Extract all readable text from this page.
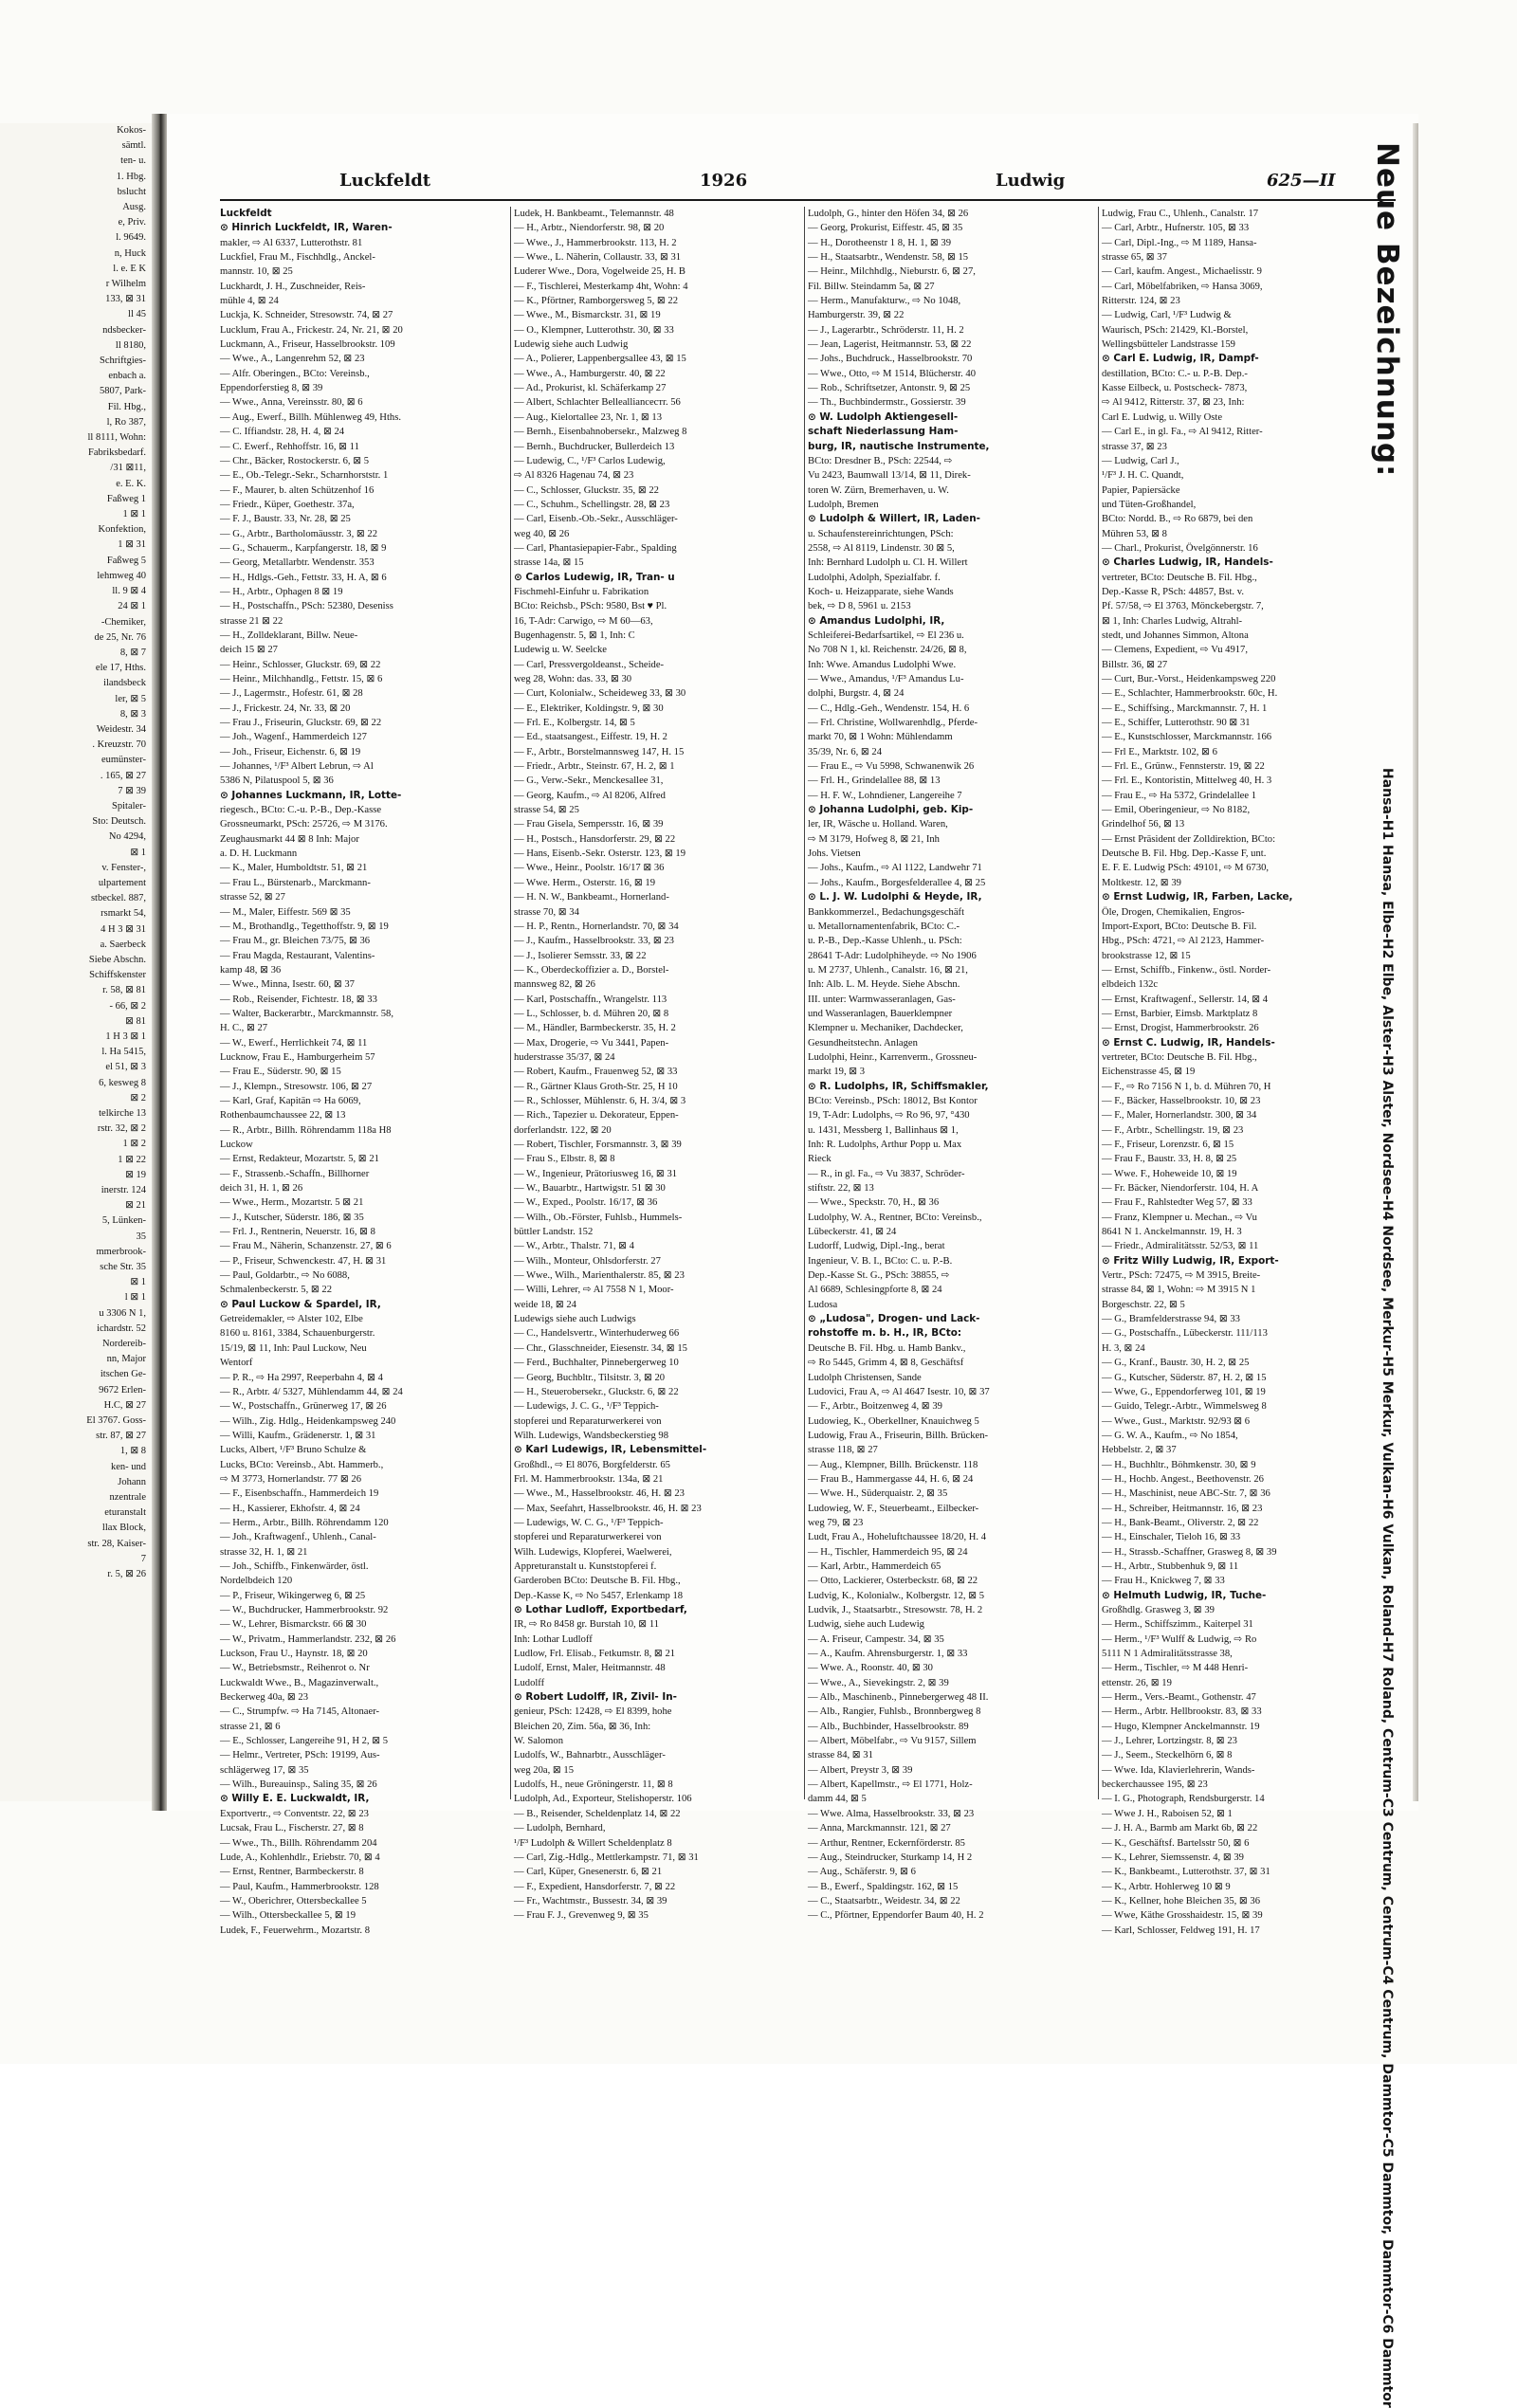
Kokos-
sämtl.
ten- u.
1. Hbg.
bslucht
Ausg.
e, Priv.
l. 9649.
n, Huck
l. e. E K
r Wilhelm
133, ⊠ 31
ll 45
ndsbecker-
ll 8180,
Schriftgies-
enbach a.
5807, Park-
Fil. Hbg.,
l, Ro 387,
ll 8111, Wohn:
Fabriksbedarf.
/31 ⊠11,
e. E. K.
Faßweg 1
1 ⊠ 1
Konfektion,
1 ⊠ 31
Faßweg 5
lehmweg 40
ll. 9 ⊠ 4
24 ⊠ 1
-Chemiker,
de 25, Nr. 76
8, ⊠ 7
ele 17, Hths.
ilandsbeck
ler, ⊠ 5
8, ⊠ 3
Weidestr. 34
. Kreuzstr. 70
eumünster-
. 165, ⊠ 27
7 ⊠ 39
Spitaler-
Sto: Deutsch.
No 4294,
⊠ 1
v. Fenster-,
ulpartement
stbeckel. 887,
rsmarkt 54,
4 H 3 ⊠ 31
a. Saerbeck
Siebe Abschn.
Schiffskenster
r. 58, ⊠ 81
- 66, ⊠ 2
⊠ 81
1 H 3 ⊠ 1
l. Ha 5415,
el 51, ⊠ 3
6, kesweg 8
⊠ 2
telkirche 13
rstr. 32, ⊠ 2
1 ⊠ 2
1 ⊠ 22
⊠ 19
inerstr. 124
⊠ 21
5, Lünken-
35
mmerbrook-
sche Str. 35
⊠ 1
l ⊠ 1
u 3306 N 1,
ichardstr. 52
Nordereib-
nn, Major
itschen Ge-
9672 Erlen-
H.C, ⊠ 27
El 3767. Goss-
str. 87, ⊠ 27
1, ⊠ 8
ken- und
Johann
nzentrale
eturanstalt
llax Block,
str. 28, Kaiser-
7
r. 5, ⊠ 26
Luckfeldt	1926	Ludwig	625—II
Luckfeldt
⊙ Hinrich Luckfeldt, IR, Waren-
makler, ⇨ Al 6337, Lutterothstr. 81
Luckfiel, Frau M., Fischhdlg., Anckel-
mannstr. 10, ⊠ 25
Luckhardt, J. H., Zuschneider, Reis-
mühle 4, ⊠ 24
Luckja, K. Schneider, Stresowstr. 74, ⊠ 27
Lucklum, Frau A., Frickestr. 24, Nr. 21, ⊠ 20
Luckmann, A., Friseur, Hasselbrookstr. 109
— Wwe., A., Langenrehm 52, ⊠ 23
— Alfr. Oberingen., BCto: Vereinsb.,
Eppendorferstieg 8, ⊠ 39
— Wwe., Anna, Vereinsstr. 80, ⊠ 6
— Aug., Ewerf., Billh. Mühlenweg 49, Hths.
— C. Iffiandstr. 28, H. 4, ⊠ 24
— C. Ewerf., Rehhoffstr. 16, ⊠ 11
— Chr., Bäcker, Rostockerstr. 6, ⊠ 5
— E., Ob.-Telegr.-Sekr., Scharnhorststr. 1
— F., Maurer, b. alten Schützenhof 16
— Friedr., Küper, Goethestr. 37a,
— F. J., Baustr. 33, Nr. 28, ⊠ 25
— G., Arbtr., Bartholomäusstr. 3, ⊠ 22
— G., Schauerm., Karpfangerstr. 18, ⊠ 9
— Georg, Metallarbtr. Wendenstr. 353
— H., Hdlgs.-Geh., Fettstr. 33, H. A, ⊠ 6
— H., Arbtr., Ophagen 8 ⊠ 19
— H., Postschaffn., PSch: 52380, Deseniss
strasse 21 ⊠ 22
— H., Zolldeklarant, Billw. Neue-
deich 15 ⊠ 27
— Heinr., Schlosser, Gluckstr. 69, ⊠ 22
— Heinr., Milchhandlg., Fettstr. 15, ⊠ 6
— J., Lagermstr., Hofestr. 61, ⊠ 28
— J., Frickestr. 24, Nr. 33, ⊠ 20
— Frau J., Friseurin, Gluckstr. 69, ⊠ 22
— Joh., Wagenf., Hammerdeich 127
— Joh., Friseur, Eichenstr. 6, ⊠ 19
— Johannes, ¹/F³ Albert Lebrun, ⇨ Al
5386 N, Pilatuspool 5, ⊠ 36
⊙ Johannes Luckmann, IR, Lotte-
riegesch., BCto: C.-u. P.-B., Dep.-Kasse
Grossneumarkt, PSch: 25726, ⇨ M 3176.
Zeughausmarkt 44 ⊠ 8 Inh: Major
a. D. H. Luckmann
— K., Maler, Humboldtstr. 51, ⊠ 21
— Frau L., Bürstenarb., Marckmann-
strasse 52, ⊠ 27
— M., Maler, Eiffestr. 569 ⊠ 35
— M., Brothandlg., Tegetthoffstr. 9, ⊠ 19
— Frau M., gr. Bleichen 73/75, ⊠ 36
— Frau Magda, Restaurant, Valentins-
kamp 48, ⊠ 36
— Wwe., Minna, Isestr. 60, ⊠ 37
— Rob., Reisender, Fichtestr. 18, ⊠ 33
— Walter, Backerarbtr., Marckmannstr. 58,
H. C., ⊠ 27
— W., Ewerf., Herrlichkeit 74, ⊠ 11
Lucknow, Frau E., Hamburgerheim 57
— Frau E., Süderstr. 90, ⊠ 15
— J., Klempn., Stresowstr. 106, ⊠ 27
— Karl, Graf, Kapitän ⇨ Ha 6069,
Rothenbaumchaussee 22, ⊠ 13
— R., Arbtr., Billh. Röhrendamm 118a H8
Luckow
— Ernst, Redakteur, Mozartstr. 5, ⊠ 21
— F., Strassenb.-Schaffn., Billhorner
deich 31, H. 1, ⊠ 26
— Wwe., Herm., Mozartstr. 5 ⊠ 21
— J., Kutscher, Süderstr. 186, ⊠ 35
— Frl. J., Rentnerin, Neuerstr. 16, ⊠ 8
— Frau M., Näherin, Schanzenstr. 27, ⊠ 6
— P., Friseur, Schwenckestr. 47, H. ⊠ 31
— Paul, Goldarbtr., ⇨ No 6088,
Schmalenbeckerstr. 5, ⊠ 22
⊙ Paul Luckow & Spardel, IR,
Getreidemakler, ⇨ Alster 102, Elbe
8160 u. 8161, 3384, Schauenburgerstr.
15/19, ⊠ 11, Inh: Paul Luckow, Neu
Wentorf
— P. R., ⇨ Ha 2997, Reeperbahn 4, ⊠ 4
— R., Arbtr. 4/ 5327, Mühlendamm 44, ⊠ 24
— W., Postschaffn., Grünerweg 17, ⊠ 26
— Wilh., Zig. Hdlg., Heidenkampsweg 240
— Willi, Kaufm., Grädenerstr. 1, ⊠ 31
Lucks, Albert, ¹/F³ Bruno Schulze &
Lucks, BCto: Vereinsb., Abt. Hammerb.,
⇨ M 3773, Hornerlandstr. 77 ⊠ 26
— F., Eisenbschaffn., Hammerdeich 19
— H., Kassierer, Ekhofstr. 4, ⊠ 24
— Herm., Arbtr., Billh. Röhrendamm 120
— Joh., Kraftwagenf., Uhlenh., Canal-
strasse 32, H. 1, ⊠ 21
— Joh., Schiffb., Finkenwärder, östl.
Nordelbdeich 120
— P., Friseur, Wikingerweg 6, ⊠ 25
— W., Buchdrucker, Hammerbrookstr. 92
— W., Lehrer, Bismarckstr. 66 ⊠ 30
— W., Privatm., Hammerlandstr. 232, ⊠ 26
Luckson, Frau U., Haynstr. 18, ⊠ 20
— W., Betriebsmstr., Reihenrot o. Nr
Luckwaldt Wwe., B., Magazinverwalt.,
Beckerweg 40a, ⊠ 23
— C., Strumpfw. ⇨ Ha 7145, Altonaer-
strasse 21, ⊠ 6
— E., Schlosser, Langereihe 91, H 2, ⊠ 5
— Helmr., Vertreter, PSch: 19199, Aus-
schlägerweg 17, ⊠ 35
— Wilh., Bureauinsp., Saling 35, ⊠ 26
⊙ Willy E. E. Luckwaldt, IR,
Exportvertr., ⇨ Conventstr. 22, ⊠ 23
Lucsak, Frau L., Fischerstr. 27, ⊠ 8
— Wwe., Th., Billh. Röhrendamm 204
Lude, A., Kohlenhdlr., Eriebstr. 70, ⊠ 4
— Ernst, Rentner, Barmbeckerstr. 8
— Paul, Kaufm., Hammerbrookstr. 128
— W., Oberichrer, Ottersbeckallee 5
— Wilh., Ottersbeckallee 5, ⊠ 19
Ludek, F., Feuerwehrm., Mozartstr. 8
Ludek, H. Bankbeamt., Telemannstr. 48
— H., Arbtr., Niendorferstr. 98, ⊠ 20
— Wwe., J., Hammerbrookstr. 113, H. 2
— Wwe., L. Näherin, Collaustr. 33, ⊠ 31
Luderer Wwe., Dora, Vogelweide 25, H. B
— F., Tischlerei, Mesterkamp 4ht, Wohn: 4
— K., Pförtner, Ramborgersweg 5, ⊠ 22
— Wwe., M., Bismarckstr. 31, ⊠ 19
— O., Klempner, Lutterothstr. 30, ⊠ 33
Ludewig siehe auch Ludwig
— A., Polierer, Lappenbergsallee 43, ⊠ 15
— Wwe., A., Hamburgerstr. 40, ⊠ 22
— Ad., Prokurist, kl. Schäferkamp 27
— Albert, Schlachter Belleallianceстr. 56
— Aug., Kielortallee 23, Nr. 1, ⊠ 13
— Bernh., Eisenbahnobersekr., Malzweg 8
— Bernh., Buchdrucker, Bullerdeich 13
— Ludewig, C., ¹/F³ Carlos Ludewig,
⇨ Al 8326 Hagenau 74, ⊠ 23
— C., Schlosser, Gluckstr. 35, ⊠ 22
— C., Schuhm., Schellingstr. 28, ⊠ 23
— Carl, Eisenb.-Ob.-Sekr., Ausschläger-
weg 40, ⊠ 26
— Carl, Phantasiepapier-Fabr., Spalding
strasse 14a, ⊠ 15
⊙ Carlos Ludewig, IR, Tran- u
Fischmehl-Einfuhr u. Fabrikation
BCto: Reichsb., PSch: 9580, Bst ♥ Pl.
16, T-Adr: Carwigo, ⇨ M 60—63,
Bugenhagenstr. 5, ⊠ 1, Inh: C
Ludewig u. W. Seelcke
— Carl, Pressvergoldeanst., Scheide-
weg 28, Wohn: das. 33, ⊠ 30
— Curt, Kolonialw., Scheideweg 33, ⊠ 30
— E., Elektriker, Koldingstr. 9, ⊠ 30
— Frl. E., Kolbergstr. 14, ⊠ 5
— Ed., staatsangest., Eiffestr. 19, H. 2
— F., Arbtr., Borstelmannsweg 147, H. 15
— Friedr., Arbtr., Steinstr. 67, H. 2, ⊠ 1
— G., Verw.-Sekr., Menckesallee 31,
— Georg, Kaufm., ⇨ Al 8206, Alfred
strasse 54, ⊠ 25
— Frau Gisela, Sempersstr. 16, ⊠ 39
— H., Postsch., Hansdorferstr. 29, ⊠ 22
— Hans, Eisenb.-Sekr. Osterstr. 123, ⊠ 19
— Wwe., Heinr., Poolstr. 16/17 ⊠ 36
— Wwe. Herm., Osterstr. 16, ⊠ 19
— H. N. W., Bankbeamt., Hornerland-
strasse 70, ⊠ 34
— H. P., Rentn., Hornerlandstr. 70, ⊠ 34
— J., Kaufm., Hasselbrookstr. 33, ⊠ 23
— J., Isolierer Semsstr. 33, ⊠ 22
— K., Oberdeckoffizier a. D., Borstel-
mannsweg 82, ⊠ 26
— Karl, Postschaffn., Wrangelstr. 113
— L., Schlosser, b. d. Mühren 20, ⊠ 8
— M., Händler, Barmbeckerstr. 35, H. 2
— Max, Drogerie, ⇨ Vu 3441, Papen-
huderstrasse 35/37, ⊠ 24
— Robert, Kaufm., Frauenweg 52, ⊠ 33
— R., Gärtner Klaus Groth-Str. 25, H 10
— R., Schlosser, Mühlenstr. 6, H. 3/4, ⊠ 3
— Rich., Tapezier u. Dekorateur, Eppen-
dorferlandstr. 122, ⊠ 20
— Robert, Tischler, Forsmannstr. 3, ⊠ 39
— Frau S., Elbstr. 8, ⊠ 8
— W., Ingenieur, Prätoriusweg 16, ⊠ 31
— W., Bauarbtr., Hartwigstr. 51 ⊠ 30
— W., Exped., Poolstr. 16/17, ⊠ 36
— Wilh., Ob.-Förster, Fuhlsb., Hummels-
büttler Landstr. 152
— W., Arbtr., Thalstr. 71, ⊠ 4
— Wilh., Monteur, Ohlsdorferstr. 27
— Wwe., Wilh., Marienthalerstr. 85, ⊠ 23
— Willi, Lehrer, ⇨ Al 7558 N 1, Moor-
weide 18, ⊠ 24
Ludewigs siehe auch Ludwigs
— C., Handelsvertr., Winterhuderweg 66
— Chr., Glasschneider, Eiesenstr. 34, ⊠ 15
— Ferd., Buchhalter, Pinnebergerweg 10
— Georg, Buchbltr., Tilsitstr. 3, ⊠ 20
— H., Steuerobersekr., Gluckstr. 6, ⊠ 22
— Ludewigs, J. C. G., ¹/F³ Teppich-
stopferei und Reparaturwerkerei von
Wilh. Ludewigs, Wandsbeckerstieg 98
⊙ Karl Ludewigs, IR, Lebensmittel-
Großhdl., ⇨ El 8076, Borgfelderstr. 65
Frl. M. Hammerbrookstr. 134a, ⊠ 21
— Wwe., M., Hasselbrookstr. 46, H. ⊠ 23
— Max, Seefahrt, Hasselbrookstr. 46, H. ⊠ 23
— Ludewigs, W. C. G., ¹/F³ Teppich-
stopferei und Reparaturwerkerei von
Wilh. Ludewigs, Klopferei, Waelwerei,
Appreturanstalt u. Kunststopferei f.
Garderoben BCto: Deutsche B. Fil. Hbg.,
Dep.-Kasse K, ⇨ No 5457, Erlenkamp 18
⊙ Lothar Ludloff, Exportbedarf,
IR, ⇨ Ro 8458 gr. Burstah 10, ⊠ 11
Inh: Lothar Ludloff
Ludlow, Frl. Elisab., Fetkumstr. 8, ⊠ 21
Ludolf, Ernst, Maler, Heitmannstr. 48
Ludolff
⊙ Robert Ludolff, IR, Zivil- In-
genieur, PSch: 12428, ⇨ El 8399, hohe
Bleichen 20, Zim. 56a, ⊠ 36, Inh:
W. Salomon
Ludolfs, W., Bahnarbtr., Ausschläger-
weg 20a, ⊠ 15
Ludolfs, H., neue Gröningerstr. 11, ⊠ 8
Ludolph, Ad., Exporteur, Stelishoperstr. 106
— B., Reisender, Scheldenplatz 14, ⊠ 22
— Ludolph, Bernhard,
¹/F³ Ludolph & Willert Scheldenplatz 8
— Carl, Zig.-Hdlg., Mettlerkampstr. 71, ⊠ 31
— Carl, Küper, Gnesenerstr. 6, ⊠ 21
— F., Expedient, Hansdorferstr. 7, ⊠ 22
— Fr., Wachtmstr., Bussestr. 34, ⊠ 39
— Frau F. J., Grevenweg 9, ⊠ 35
Ludolph, G., hinter den Höfen 34, ⊠ 26
— Georg, Prokurist, Eiffestr. 45, ⊠ 35
— H., Dorotheenstr 1 8, H. 1, ⊠ 39
— H., Staatsarbtr., Wendenstr. 58, ⊠ 15
— Heinr., Milchhdlg., Nieburstr. 6, ⊠ 27,
Fil. Billw. Steindamm 5a, ⊠ 27
— Herm., Manufakturw., ⇨ No 1048,
Hamburgerstr. 39, ⊠ 22
— J., Lagerarbtr., Schröderstr. 11, H. 2
— Jean, Lagerist, Heitmannstr. 53, ⊠ 22
— Johs., Buchdruck., Hasselbrookstr. 70
— Wwe., Otto, ⇨ M 1514, Blücherstr. 40
— Rob., Schriftsetzer, Antonstr. 9, ⊠ 25
— Th., Buchbindermstr., Gossierstr. 39
⊙ W. Ludolph Aktiengesell-
schaft Niederlassung Ham-
burg, IR, nautische Instrumente,
BCto: Dresdner B., PSch: 22544, ⇨
Vu 2423, Baumwall 13/14, ⊠ 11, Direk-
toren W. Zürn, Bremerhaven, u. W.
Ludolph, Bremen
⊙ Ludolph & Willert, IR, Laden-
u. Schaufenstereinrichtungen, PSch:
2558, ⇨ Al 8119, Lindenstr. 30 ⊠ 5,
Inh: Bernhard Ludolph u. Cl. H. Willert
Ludolphi, Adolph, Spezialfabr. f.
Koch- u. Heizapparate, siehe Wands
bek, ⇨ D 8, 5961 u. 2153
⊙ Amandus Ludolphi, IR,
Schleiferei-Bedarfsartikel, ⇨ El 236 u.
No 708 N 1, kl. Reichenstr. 24/26, ⊠ 8,
Inh: Wwe. Amandus Ludolphi Wwe.
— Wwe., Amandus, ¹/F³ Amandus Lu-
dolphi, Burgstr. 4, ⊠ 24
— C., Hdlg.-Geh., Wendenstr. 154, H. 6
— Frl. Christine, Wollwarenhdlg., Pferde-
markt 70, ⊠ 1 Wohn: Mühlendamm
35/39, Nr. 6, ⊠ 24
— Frau E., ⇨ Vu 5998, Schwanenwik 26
— Frl. H., Grindelallee 88, ⊠ 13
— H. F. W., Lohndiener, Langereihe 7
⊙ Johanna Ludolphi, geb. Kip-
ler, IR, Wäsche u. Holland. Waren,
⇨ M 3179, Hofweg 8, ⊠ 21, Inh
Johs. Vietsen
— Johs., Kaufm., ⇨ Al 1122, Landwehr 71
— Johs., Kaufm., Borgesfelderallee 4, ⊠ 25
⊙ L. J. W. Ludolphi & Heyde, IR,
Bankkommerzel., Bedachungsgeschäft
u. Metallornamentenfabrik, BCto: C.-
u. P.-B., Dep.-Kasse Uhlenh., u. PSch:
28641 T-Adr: Ludolphiheyde. ⇨ No 1906
u. M 2737, Uhlenh., Canalstr. 16, ⊠ 21,
Inh: Alb. L. M. Heyde. Siehe Abschn.
III. unter: Warmwasseranlagen, Gas-
und Wasseranlagen, Bauerklempner
Klempner u. Mechaniker, Dachdecker,
Gesundheitstechn. Anlagen
Ludolphi, Heinr., Karrenverm., Grossneu-
markt 19, ⊠ 3
⊙ R. Ludolphs, IR, Schiffsmakler,
BCto: Vereinsb., PSch: 18012, Bst Kontor
19, T-Adr: Ludolphs, ⇨ Ro 96, 97, °430
u. 1431, Messberg 1, Ballinhaus ⊠ 1,
Inh: R. Ludolphs, Arthur Popp u. Max
Rieck
— R., in gl. Fa., ⇨ Vu 3837, Schröder-
stiftstr. 22, ⊠ 13
— Wwe., Speckstr. 70, H., ⊠ 36
Ludolphy, W. A., Rentner, BCto: Vereinsb.,
Lübeckerstr. 41, ⊠ 24
Ludorff, Ludwig, Dipl.-Ing., berat
Ingenieur, V. B. I., BCto: C. u. P.-B.
Dep.-Kasse St. G., PSch: 38855, ⇨
Al 6689, Schlesingpforte 8, ⊠ 24
Ludosa
⊙ „Ludosa", Drogen- und Lack-
rohstoffe m. b. H., IR, BCto:
Deutsche B. Fil. Hbg. u. Hamb Bankv.,
⇨ Ro 5445, Grimm 4, ⊠ 8, Geschäftsf
Ludolph Christensen, Sande
Ludovici, Frau A, ⇨ Al 4647 Isestr. 10, ⊠ 37
— F., Arbtr., Boitzenweg 4, ⊠ 39
Ludowieg, K., Oberkellner, Knauichweg 5
Ludowig, Frau A., Friseurin, Billh. Brücken-
strasse 118, ⊠ 27
— Aug., Klempner, Billh. Brückenstr. 118
— Frau B., Hammergasse 44, H. 6, ⊠ 24
— Wwe. H., Süderquaistr. 2, ⊠ 35
Ludowieg, W. F., Steuerbeamt., Eilbecker-
weg 79, ⊠ 23
Ludt, Frau A., Hoheluftchaussee 18/20, H. 4
— H., Tischler, Hammerdeich 95, ⊠ 24
— Karl, Arbtr., Hammerdeich 65
— Otto, Lackierer, Osterbeckstr. 68, ⊠ 22
Ludvig, K., Kolonialw., Kolbergstr. 12, ⊠ 5
Ludvik, J., Staatsarbtr., Stresowstr. 78, H. 2
Ludwig, siehe auch Ludewig
— A. Friseur, Campestr. 34, ⊠ 35
— A., Kaufm. Ahrensburgerstr. 1, ⊠ 33
— Wwe. A., Roonstr. 40, ⊠ 30
— Wwe., A., Sievekingstr. 2, ⊠ 39
— Alb., Maschinenb., Pinnebergerweg 48 II.
— Alb., Rangier, Fuhlsb., Bronnbergweg 8
— Alb., Buchbinder, Hasselbrookstr. 89
— Albert, Möbelfabr., ⇨ Vu 9157, Sillem
strasse 84, ⊠ 31
— Albert, Preystr 3, ⊠ 39
— Albert, Kapellmstr., ⇨ El 1771, Holz-
damm 44, ⊠ 5
— Wwe. Alma, Hasselbrookstr. 33, ⊠ 23
— Anna, Marckmannstr. 121, ⊠ 27
— Arthur, Rentner, Eckernförderstr. 85
— Aug., Steindrucker, Sturkamp 14, H 2
— Aug., Schäferstr. 9, ⊠ 6
— B., Ewerf., Spaldingstr. 162, ⊠ 15
— C., Staatsarbtr., Weidestr. 34, ⊠ 22
— C., Pförtner, Eppendorfer Baum 40, H. 2
Ludwig, Frau C., Uhlenh., Canalstr. 17
— Carl, Arbtr., Hufnerstr. 105, ⊠ 33
— Carl, Dipl.-Ing., ⇨ M 1189, Hansa-
strasse 65, ⊠ 37
— Carl, kaufm. Angest., Michaelisstr. 9
— Carl, Möbelfabriken, ⇨ Hansa 3069,
Ritterstr. 124, ⊠ 23
— Ludwig, Carl, ¹/F³ Ludwig &
Waurisch, PSch: 21429, Kl.-Borstel,
Wellingsbütteler Landstrasse 159
⊙ Carl E. Ludwig, IR, Dampf-
destillation, BCto: C.- u. P.-B. Dep.-
Kasse Eilbeck, u. Postscheck- 7873,
⇨ Al 9412, Ritterstr. 37, ⊠ 23, Inh:
Carl E. Ludwig, u. Willy Oste
— Carl E., in gl. Fa., ⇨ Al 9412, Ritter-
strasse 37, ⊠ 23
— Ludwig, Carl J.,
¹/F³ J. H. C. Quandt,
Papier, Papiersäcke
und Tüten-Großhandel,
BCto: Nordd. B., ⇨ Ro 6879, bei den
Mühren 53, ⊠ 8
— Charl., Prokurist, Övelgönnerstr. 16
⊙ Charles Ludwig, IR, Handels-
vertreter, BCto: Deutsche B. Fil. Hbg.,
Dep.-Kasse R, PSch: 44857, Bst. v.
Pf. 57/58, ⇨ El 3763, Mönckebergstr. 7,
⊠ 1, Inh: Charles Ludwig, Altrahl-
stedt, und Johannes Simmon, Altona
— Clemens, Expedient, ⇨ Vu 4917,
Billstr. 36, ⊠ 27
— Curt, Bur.-Vorst., Heidenkampsweg 220
— E., Schlachter, Hammerbrookstr. 60c, H.
— E., Schiffsing., Marckmannstr. 7, H. 1
— E., Schiffer, Lutterothstr. 90 ⊠ 31
— E., Kunstschlosser, Marckmannstr. 166
— Frl E., Marktstr. 102, ⊠ 6
— Frl. E., Grünw., Fennsterstr. 19, ⊠ 22
— Frl. E., Kontoristin, Mittelweg 40, H. 3
— Frau E., ⇨ Ha 5372, Grindelallee 1
— Emil, Oberingenieur, ⇨ No 8182,
Grindelhof 56, ⊠ 13
— Ernst Präsident der Zolldirektion, BCto:
Deutsche B. Fil. Hbg. Dep.-Kasse F, unt.
E. F. E. Ludwig PSch: 49101, ⇨ M 6730,
Moltkestr. 12, ⊠ 39
⊙ Ernst Ludwig, IR, Farben, Lacke,
Öle, Drogen, Chemikalien, Engros-
Import-Export, BCto: Deutsche B. Fil.
Hbg., PSch: 4721, ⇨ Al 2123, Hammer-
brookstrasse 12, ⊠ 15
— Ernst, Schiffb., Finkenw., östl. Norder-
elbdeich 132c
— Ernst, Kraftwagenf., Sellerstr. 14, ⊠ 4
— Ernst, Barbier, Eimsb. Marktplatz 8
— Ernst, Drogist, Hammerbrookstr. 26
⊙ Ernst C. Ludwig, IR, Handels-
vertreter, BCto: Deutsche B. Fil. Hbg.,
Eichenstrasse 45, ⊠ 19
— F., ⇨ Ro 7156 N 1, b. d. Mühren 70, H
— F., Bäcker, Hasselbrookstr. 10, ⊠ 23
— F., Maler, Hornerlandstr. 300, ⊠ 34
— F., Arbtr., Schellingstr. 19, ⊠ 23
— F., Friseur, Lorenzstr. 6, ⊠ 15
— Frau F., Baustr. 33, H. 8, ⊠ 25
— Wwe. F., Hoheweide 10, ⊠ 19
— Fr. Bäcker, Niendorferstr. 104, H. A
— Frau F., Rahlstedter Weg 57, ⊠ 33
— Franz, Klempner u. Mechan., ⇨ Vu
8641 N 1. Anckelmannstr. 19, H. 3
— Friedr., Admiralitätsstr. 52/53, ⊠ 11
⊙ Fritz Willy Ludwig, IR, Export-
Vertr., PSch: 72475, ⇨ M 3915, Breite-
strasse 84, ⊠ 1, Wohn: ⇨ M 3915 N 1
Borgeschstr. 22, ⊠ 5
— G., Bramfelderstrasse 94, ⊠ 33
— G., Postschaffn., Lübeckerstr. 111/113
H. 3, ⊠ 24
— G., Kranf., Baustr. 30, H. 2, ⊠ 25
— G., Kutscher, Süderstr. 87, H. 2, ⊠ 15
— Wwe, G., Eppendorferweg 101, ⊠ 19
— Guido, Telegr.-Arbtr., Wimmelsweg 8
— Wwe., Gust., Marktstr. 92/93 ⊠ 6
— G. W. A., Kaufm., ⇨ No 1854,
Hebbelstr. 2, ⊠ 37
— H., Buchhltr., Böhmkenstr. 30, ⊠ 9
— H., Hochb. Angest., Beethovenstr. 26
— H., Maschinist, neue ABC-Str. 7, ⊠ 36
— H., Schreiber, Heitmannstr. 16, ⊠ 23
— H., Bank-Beamt., Oliverstr. 2, ⊠ 22
— H., Einschaler, Tieloh 16, ⊠ 33
— H., Strassb.-Schaffner, Grasweg 8, ⊠ 39
— H., Arbtr., Stubbenhuk 9, ⊠ 11
— Frau H., Knickweg 7, ⊠ 33
⊙ Helmuth Ludwig, IR, Tuche-
Großhdlg. Grasweg 3, ⊠ 39
— Herm., Schiffszimm., Kaiterpel 31
— Herm., ¹/F³ Wulff & Ludwig, ⇨ Ro
5111 N 1 Admiralitätsstrasse 38,
— Herm., Tischler, ⇨ M 448 Henri-
ettenstr. 26, ⊠ 19
— Herm., Vers.-Beamt., Gothenstr. 47
— Herm., Arbtr. Hellbrookstr. 83, ⊠ 33
— Hugo, Klempner Anckelmannstr. 19
— J., Lehrer, Lortzingstr. 8, ⊠ 23
— J., Seem., Steckelhörn 6, ⊠ 8
— Wwe. Ida, Klavierlehrerin, Wands-
beckerchaussee 195, ⊠ 23
— I. G., Photograph, Rendsburgerstr. 14
— Wwe J. H., Raboisen 52, ⊠ 1
— J. H. A., Barmb am Markt 6b, ⊠ 22
— K., Geschäftsf. Bartelsstr 50, ⊠ 6
— K., Lehrer, Siemssenstr. 4, ⊠ 39
— K., Bankbeamt., Lutterothstr. 37, ⊠ 31
— K., Arbtr. Hohlerweg 10 ⊠ 9
— K., Kellner, hohe Bleichen 35, ⊠ 36
— Wwe, Käthe Grosshaidestr. 15, ⊠ 39
— Karl, Schlosser, Feldweg 191, H. 17
Neue Bezeichnung:
Hansa-H1 Hansa, Elbe-H2 Elbe, Alster-H3 Alster, Nordsee-H4 Nordsee, Merkur-H5 Merkur, Vulkan-H6 Vulkan, Roland-H7 Roland, Centrum-C3 Centrum, Centrum-C4 Centrum, Dammtor-C5 Dammtor, Dammtor-C6 Dammtor
